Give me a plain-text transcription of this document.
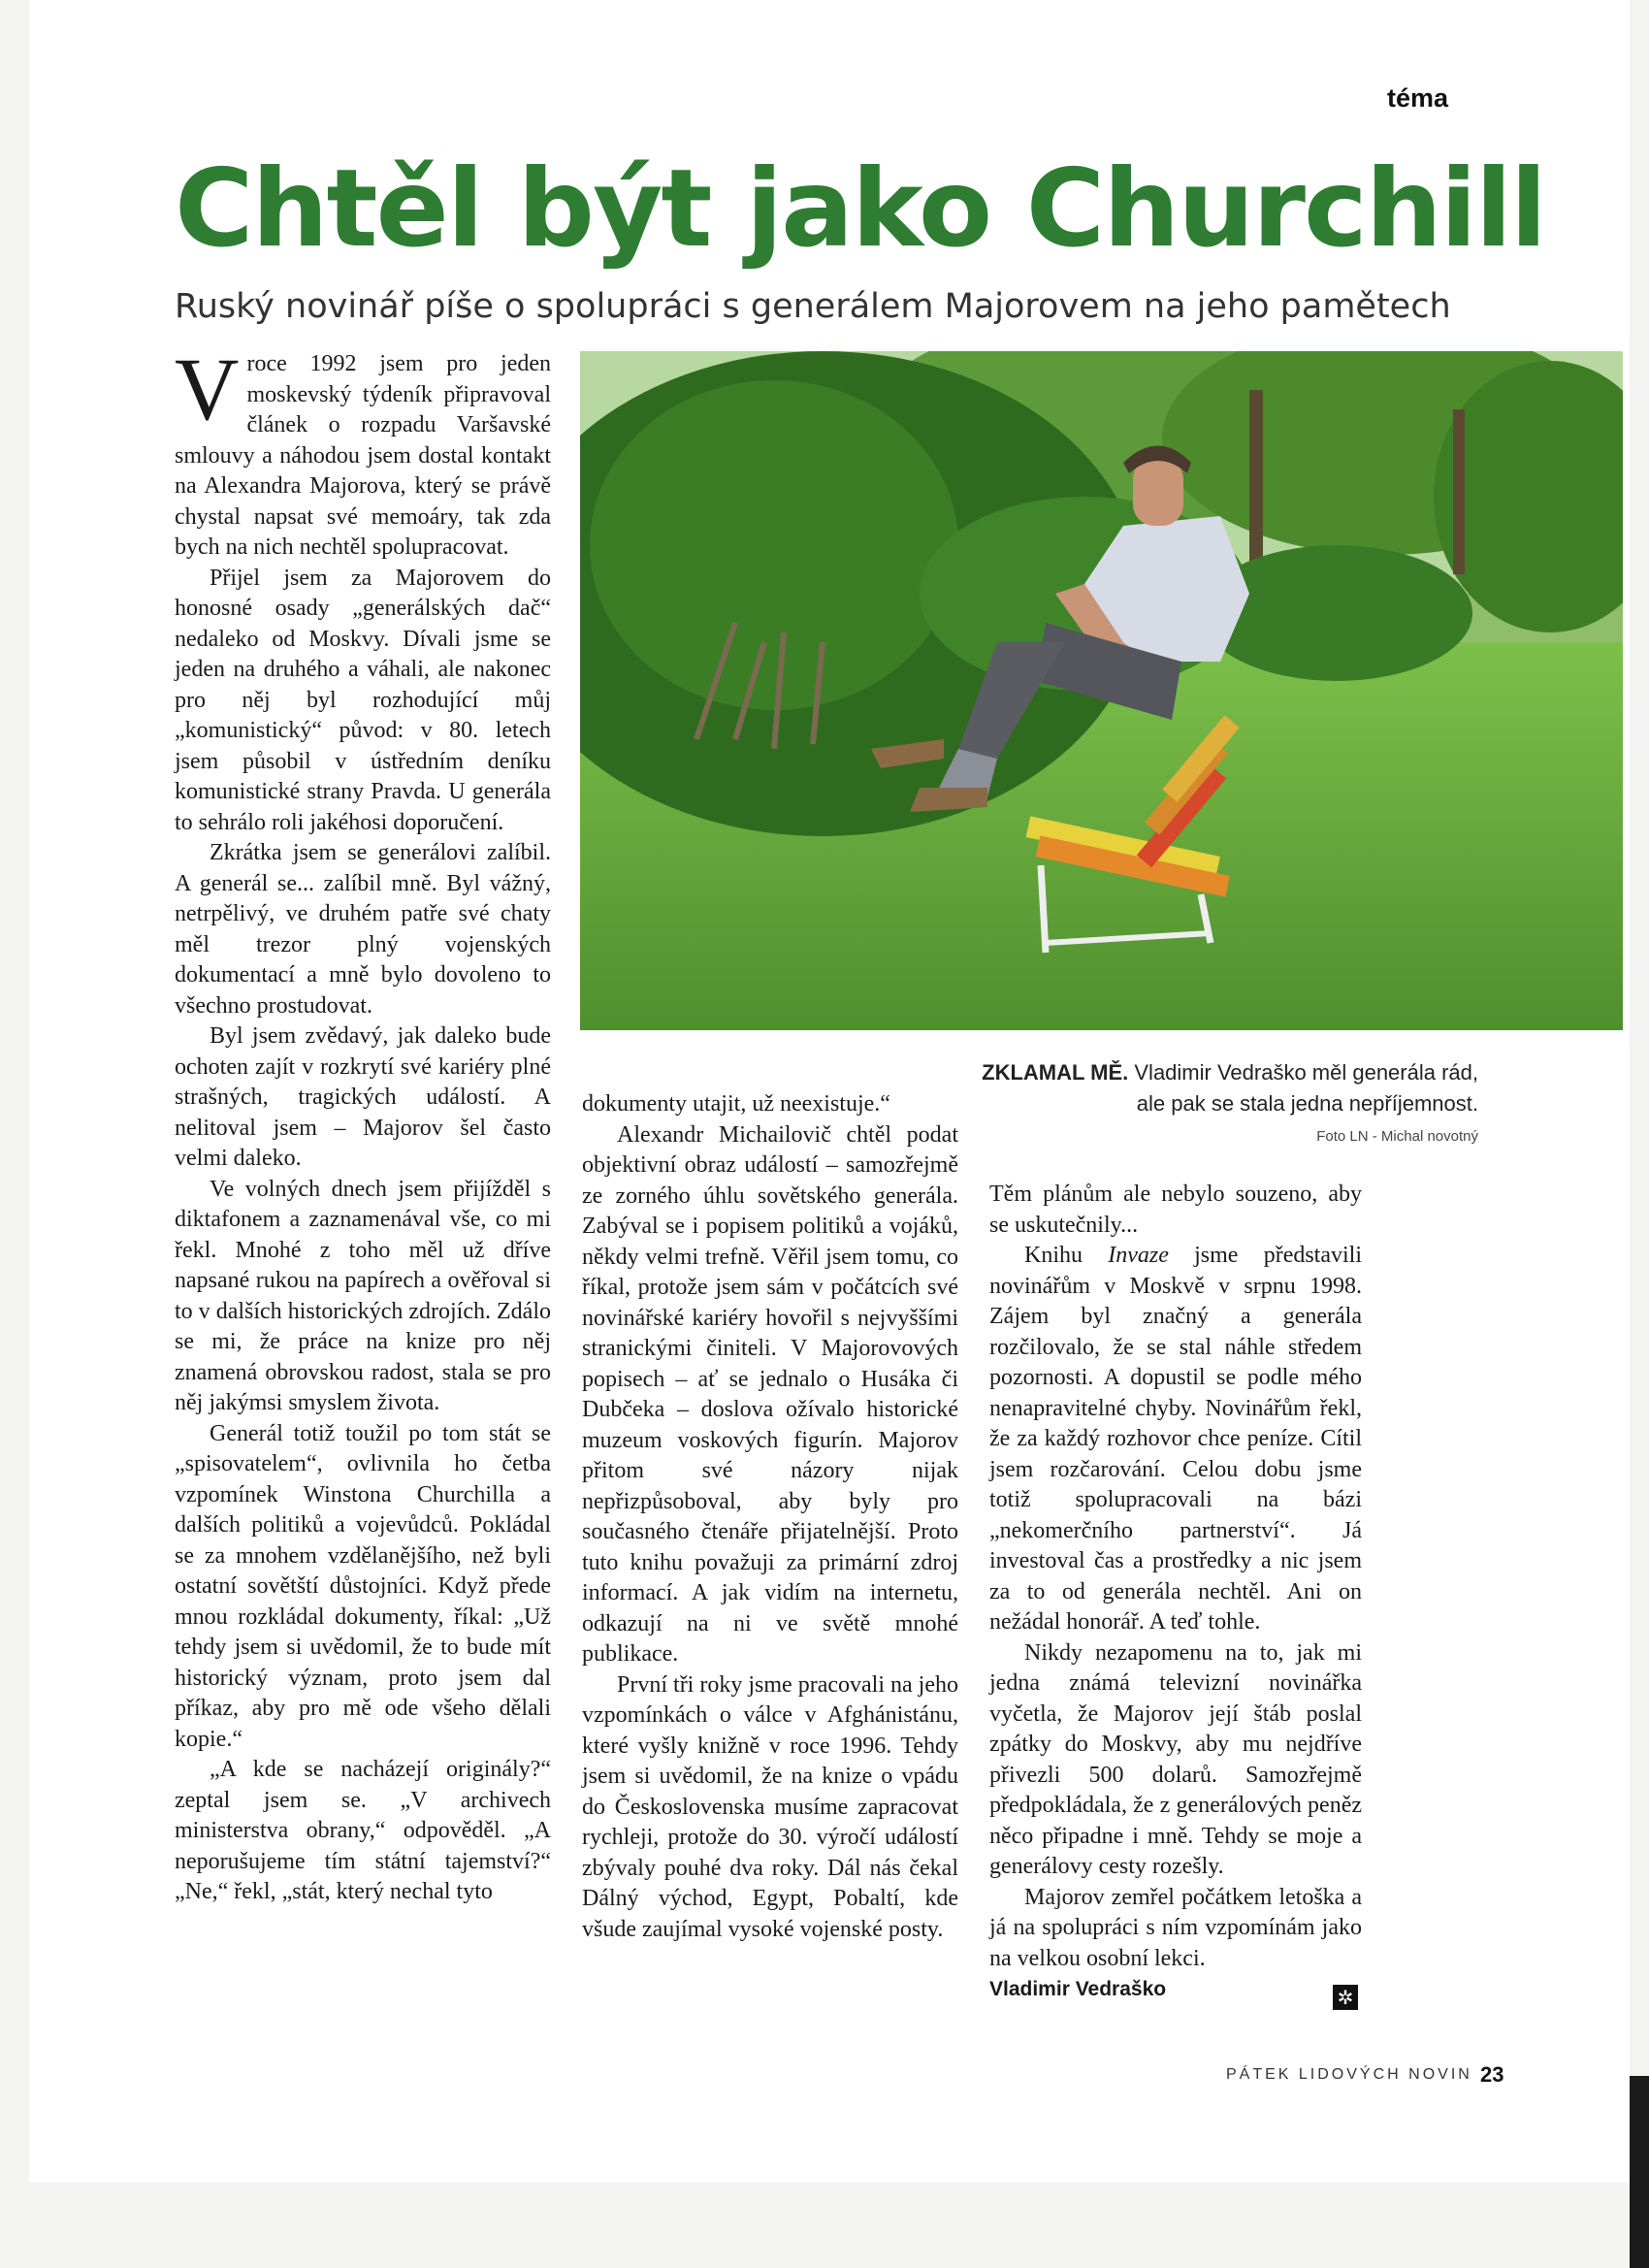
téma
Chtěl být jako Churchill
Ruský novinář píše o spolupráci s generálem Majorovem na jeho pamětech

Vroce 1992 jsem pro jeden moskevský týdeník připravoval článek o rozpadu Varšavské smlouvy a náhodou jsem dostal kontakt na Alexandra Majorova, který se právě chystal napsat své memoáry, tak zda bych na nich nechtěl spolupracovat.

Přijel jsem za Majorovem do honosné osady „generálských dač“ nedaleko od Moskvy. Dívali jsme se jeden na druhého a váhali, ale nakonec pro něj byl rozhodující můj „komunistický“ původ: v 80. letech jsem působil v ústředním deníku komunistické strany Pravda. U generála to sehrálo roli jakéhosi doporučení.

Zkrátka jsem se generálovi zalíbil. A generál se... zalíbil mně. Byl vážný, netrpělivý, ve druhém patře své chaty měl trezor plný vojenských dokumentací a mně bylo dovoleno to všechno prostudovat.

Byl jsem zvědavý, jak daleko bude ochoten zajít v rozkrytí své kariéry plné strašných, tragických událostí. A nelitoval jsem – Majorov šel často velmi daleko.

Ve volných dnech jsem přijížděl s diktafonem a zaznamenával vše, co mi řekl. Mnohé z toho měl už dříve napsané rukou na papírech a ověřoval si to v dalších historických zdrojích. Zdálo se mi, že práce na knize pro něj znamená obrovskou radost, stala se pro něj jakýmsi smyslem života.

Generál totiž toužil po tom stát se „spisovatelem“, ovlivnila ho četba vzpomínek Winstona Churchilla a dalších politiků a vojevůdců. Pokládal se za mnohem vzdělanějšího, než byli ostatní sovětští důstojníci. Když přede mnou rozkládal dokumenty, říkal: „Už tehdy jsem si uvědomil, že to bude mít historický význam, proto jsem dal příkaz, aby pro mě ode všeho dělali kopie.“

„A kde se nacházejí originály?“ zeptal jsem se. „V archivech ministerstva obrany,“ odpověděl. „A neporušujeme tím státní tajemství?“ „Ne,“ řekl, „stát, který nechal tyto

ZKLAMAL MĚ. Vladimir Vedraško měl generála rád, ale pak se stala jedna nepříjemnost.
Foto LN - Michal novotný

dokumenty utajit, už neexistuje.“

Alexandr Michailovič chtěl podat objektivní obraz událostí – samozřejmě ze zorného úhlu sovětského generála. Zabýval se i popisem politiků a vojáků, někdy velmi trefně. Věřil jsem tomu, co říkal, protože jsem sám v počátcích své novinářské kariéry hovořil s nejvyššími stranickými činiteli. V Majorovových popisech – ať se jednalo o Husáka či Dubčeka – doslova ožívalo historické muzeum voskových figurín. Majorov přitom své názory nijak nepřizpůsoboval, aby byly pro současného čtenáře přijatelnější. Proto tuto knihu považuji za primární zdroj informací. A jak vidím na internetu, odkazují na ni ve světě mnohé publikace.

První tři roky jsme pracovali na jeho vzpomínkách o válce v Afghánistánu, které vyšly knižně v roce 1996. Tehdy jsem si uvědomil, že na knize o vpádu do Československa musíme zapracovat rychleji, protože do 30. výročí událostí zbývaly pouhé dva roky. Dál nás čekal Dálný východ, Egypt, Pobaltí, kde všude zaujímal vysoké vojenské posty.

Těm plánům ale nebylo souzeno, aby se uskutečnily...

Knihu Invaze jsme představili novinářům v Moskvě v srpnu 1998. Zájem byl značný a generála rozčilovalo, že se stal náhle středem pozornosti. A dopustil se podle mého nenapravitelné chyby. Novinářům řekl, že za každý rozhovor chce peníze. Cítil jsem rozčarování. Celou dobu jsme totiž spolupracovali na bázi „nekomerčního partnerství“. Já investoval čas a prostředky a nic jsem za to od generála nechtěl. Ani on nežádal honorář. A teď tohle.

Nikdy nezapomenu na to, jak mi jedna známá televizní novinářka vyčetla, že Majorov její štáb poslal zpátky do Moskvy, aby mu nejdříve přivezli 500 dolarů. Samozřejmě předpokládala, že z generálových peněz něco připadne i mně. Tehdy se moje a generálovy cesty rozešly.

Majorov zemřel počátkem letoška a já na spolupráci s ním vzpomínám jako na velkou osobní lekci.

Vladimir Vedraško	✲
PÁTEK LIDOVÝCH NOVIN 23
